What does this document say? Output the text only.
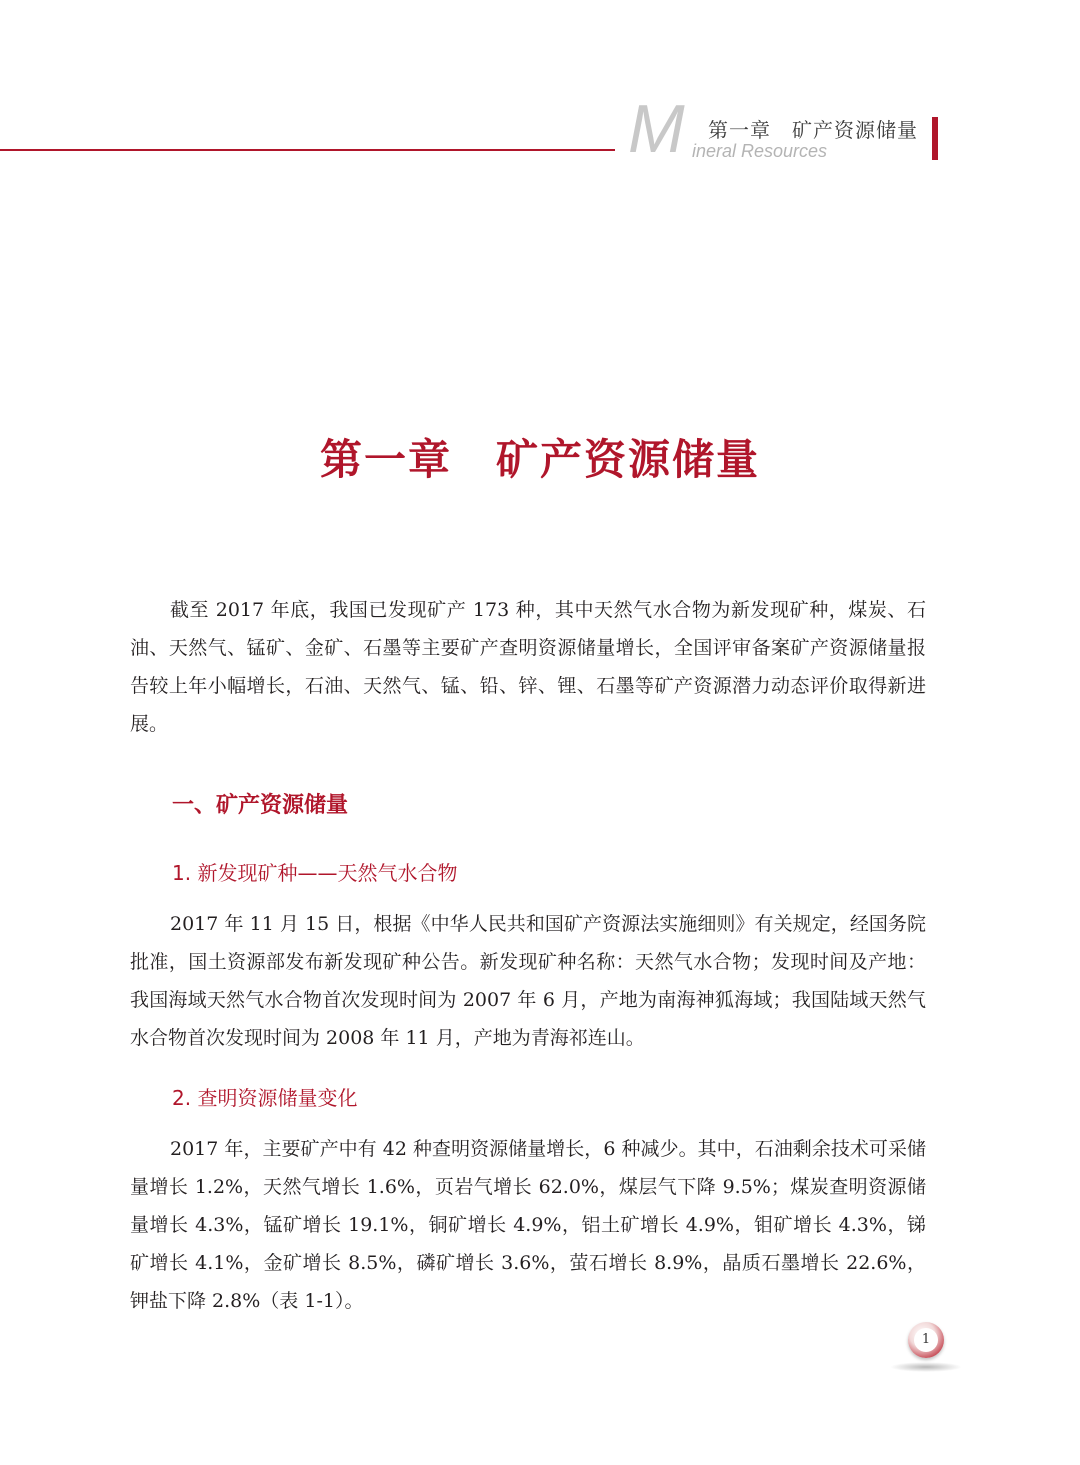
M ineral Resources
第一章　矿产资源储量
第一章　矿产资源储量

截至 2017 年底，我国已发现矿产 173 种，其中天然气水合物为新发现矿种，煤炭、石油、天然气、锰矿、金矿、石墨等主要矿产查明资源储量增长，全国评审备案矿产资源储量报告较上年小幅增长，石油、天然气、锰、铅、锌、锂、石墨等矿产资源潜力动态评价取得新进展。

一、矿产资源储量
1. 新发现矿种——天然气水合物

2017 年 11 月 15 日，根据《中华人民共和国矿产资源法实施细则》有关规定，经国务院批准，国土资源部发布新发现矿种公告。新发现矿种名称：天然气水合物；发现时间及产地：我国海域天然气水合物首次发现时间为 2007 年 6 月，产地为南海神狐海域；我国陆域天然气水合物首次发现时间为 2008 年 11 月，产地为青海祁连山。

2. 查明资源储量变化

2017 年，主要矿产中有 42 种查明资源储量增长，6 种减少。其中，石油剩余技术可采储量增长 1.2%，天然气增长 1.6%，页岩气增长 62.0%，煤层气下降 9.5%；煤炭查明资源储量增长 4.3%，锰矿增长 19.1%，铜矿增长 4.9%，铝土矿增长 4.9%，钼矿增长 4.3%，锑矿增长 4.1%，金矿增长 8.5%，磷矿增长 3.6%，萤石增长 8.9%，晶质石墨增长 22.6%，钾盐下降 2.8%（表 1-1）。

1
